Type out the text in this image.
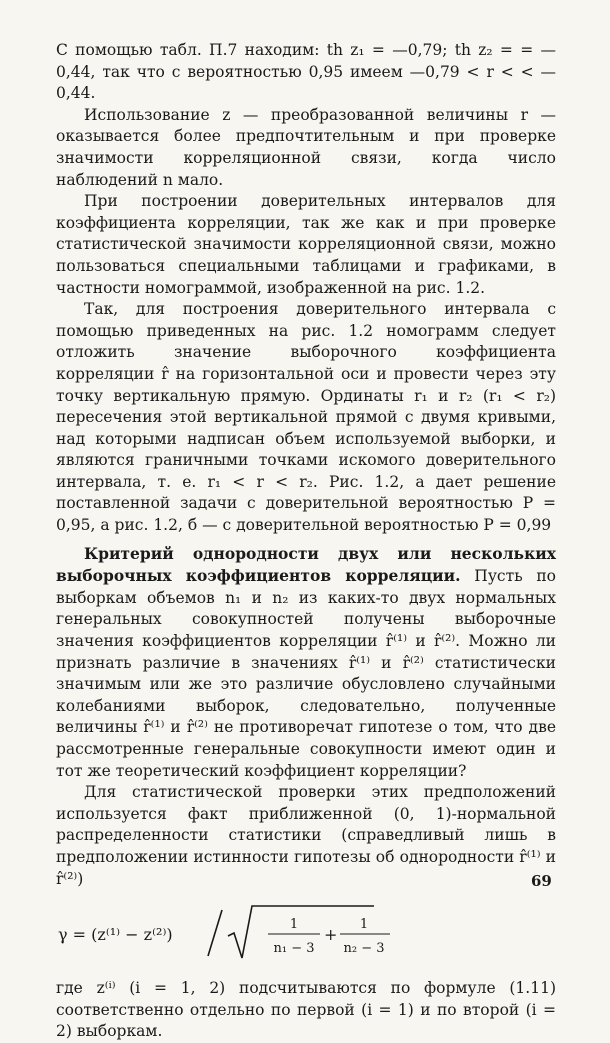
С помощью табл. П.7 находим: th z₁ = —0,79; th z₂ = = —0,44, так что с вероятностью 0,95 имеем —0,79 < r < < —0,44.

Использование z — преобразованной величины r — оказывается более предпочтительным и при проверке значимости корреляционной связи, когда число наблюдений n мало.

При построении доверительных интервалов для коэффициента корреляции, так же как и при проверке статистической значимости корреляционной связи, можно пользоваться специальными таблицами и графиками, в частности номограммой, изображенной на рис. 1.2.

Так, для построения доверительного интервала с помощью приведенных на рис. 1.2 номограмм следует отложить значение выборочного коэффициента корреляции r̂ на горизонтальной оси и провести через эту точку вертикальную прямую. Ординаты r₁ и r₂ (r₁ < r₂) пересечения этой вертикальной прямой с двумя кривыми, над которыми надписан объем используемой выборки, и являются граничными точками искомого доверительного интервала, т. е. r₁ < r < r₂. Рис. 1.2, а дает решение поставленной задачи с доверительной вероятностью P = 0,95, а рис. 1.2, б — с доверительной вероятностью P = 0,99

Критерий однородности двух или нескольких выборочных коэффициентов корреляции. Пусть по выборкам объемов n₁ и n₂ из каких-то двух нормальных генеральных совокупностей получены выборочные значения коэффициентов корреляции r̂⁽¹⁾ и r̂⁽²⁾. Можно ли признать различие в значениях r̂⁽¹⁾ и r̂⁽²⁾ статистически значимым или же это различие обусловлено случайными колебаниями выборок, следовательно, полученные величины r̂⁽¹⁾ и r̂⁽²⁾ не противоречат гипотезе о том, что две рассмотренные генеральные совокупности имеют один и тот же теоретический коэффициент корреляции?

Для статистической проверки этих предположений используется факт приближенной (0, 1)-нормальной распределенности статистики (справедливый лишь в предположении истинности гипотезы об однородности r̂⁽¹⁾ и r̂⁽²⁾)

γ = (z⁽¹⁾ − z⁽²⁾)
1
n₁ − 3
+
1
n₂ − 3

где z⁽ⁱ⁾ (i = 1, 2) подсчитываются по формуле (1.11) соответственно отдельно по первой (i = 1) и по второй (i = 2) выборкам.

69
